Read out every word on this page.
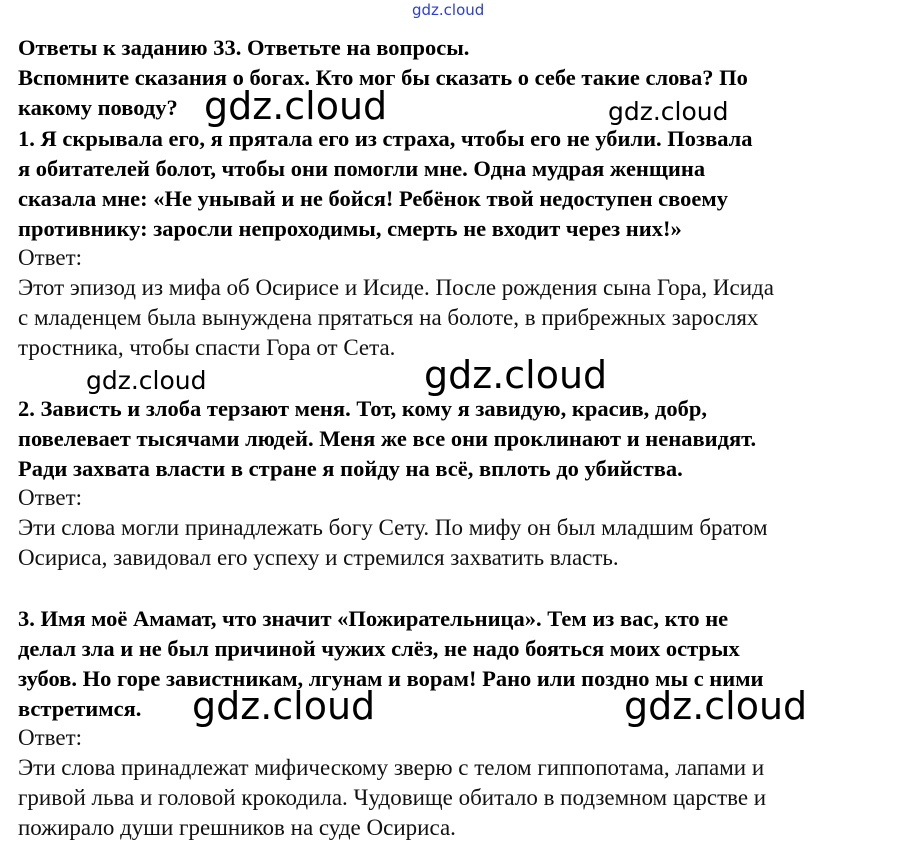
gdz.cloud
Ответы к заданию 33. Ответьте на вопросы.
Вспомните сказания о богах. Кто мог бы сказать о себе такие слова? По
какому поводу?
1. Я скрывала его, я прятала его из страха, чтобы его не убили. Позвала
я обитателей болот, чтобы они помогли мне. Одна мудрая женщина
сказала мне: «Не унывай и не бойся! Ребёнок твой недоступен своему
противнику: заросли непроходимы, смерть не входит через них!»
Ответ:
Этот эпизод из мифа об Осирисе и Исиде. После рождения сына Гора, Исида
с младенцем была вынуждена прятаться на болоте, в прибрежных зарослях
тростника, чтобы спасти Гора от Сета.
2. Зависть и злоба терзают меня. Тот, кому я завидую, красив, добр,
повелевает тысячами людей. Меня же все они проклинают и ненавидят.
Ради захвата власти в стране я пойду на всё, вплоть до убийства.
Ответ:
Эти слова могли принадлежать богу Сету. По мифу он был младшим братом
Осириса, завидовал его успеху и стремился захватить власть.
3. Имя моё Амамат, что значит «Пожирательница». Тем из вас, кто не
делал зла и не был причиной чужих слёз, не надо бояться моих острых
зубов. Но горе завистникам, лгунам и ворам! Рано или поздно мы с ними
встретимся.
Ответ:
Эти слова принадлежат мифическому зверю с телом гиппопотама, лапами и
гривой льва и головой крокодила. Чудовище обитало в подземном царстве и
пожирало души грешников на суде Осириса.
gdz.cloud	gdz.cloud
gdz.cloud	gdz.cloud
gdz.cloud	gdz.cloud
